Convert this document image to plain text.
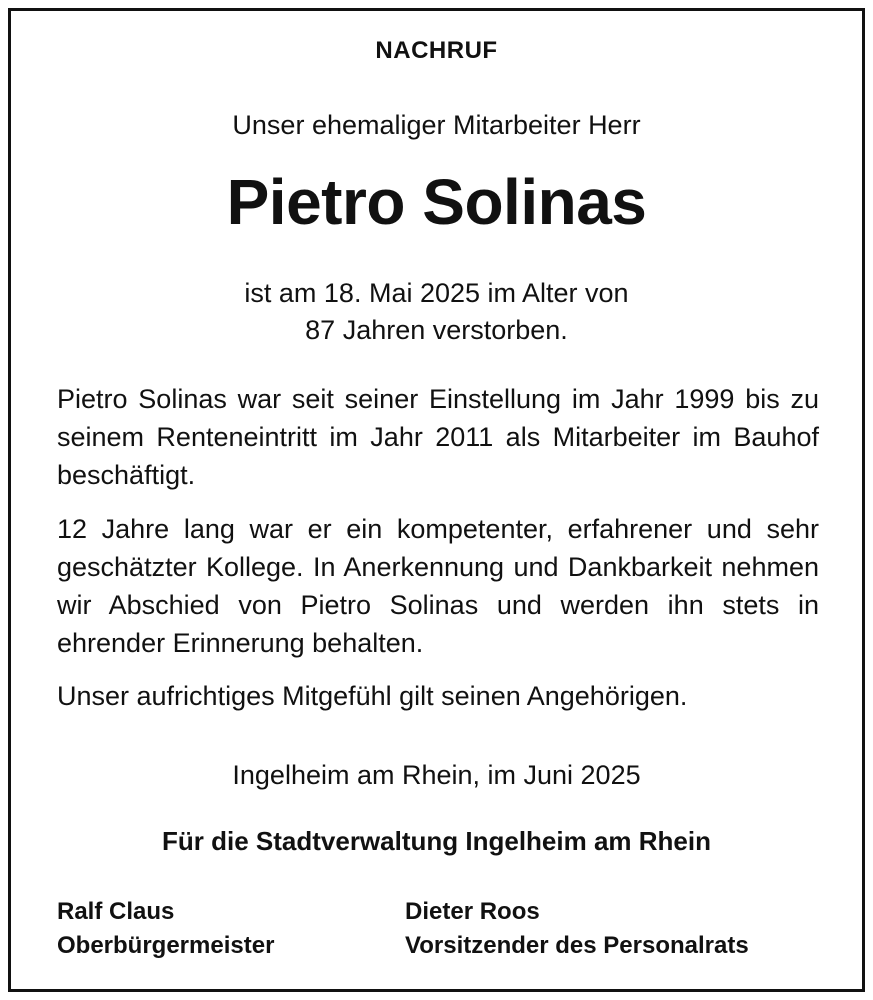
NACHRUF
Unser ehemaliger Mitarbeiter Herr
Pietro Solinas
ist am 18. Mai 2025 im Alter von
87 Jahren verstorben.
Pietro Solinas war seit seiner Einstellung im Jahr 1999 bis zu seinem Renteneintritt im Jahr 2011 als Mitarbeiter im Bauhof beschäftigt.
12 Jahre lang war er ein kompetenter, erfahrener und sehr geschätzter Kollege. In Anerkennung und Dankbarkeit nehmen wir Abschied von Pietro Solinas und werden ihn stets in ehrender Erinnerung behalten.
Unser aufrichtiges Mitgefühl gilt seinen Angehörigen.
Ingelheim am Rhein, im Juni 2025
Für die Stadtverwaltung Ingelheim am Rhein
Ralf Claus
Oberbürgermeister
Dieter Roos
Vorsitzender des Personalrats
